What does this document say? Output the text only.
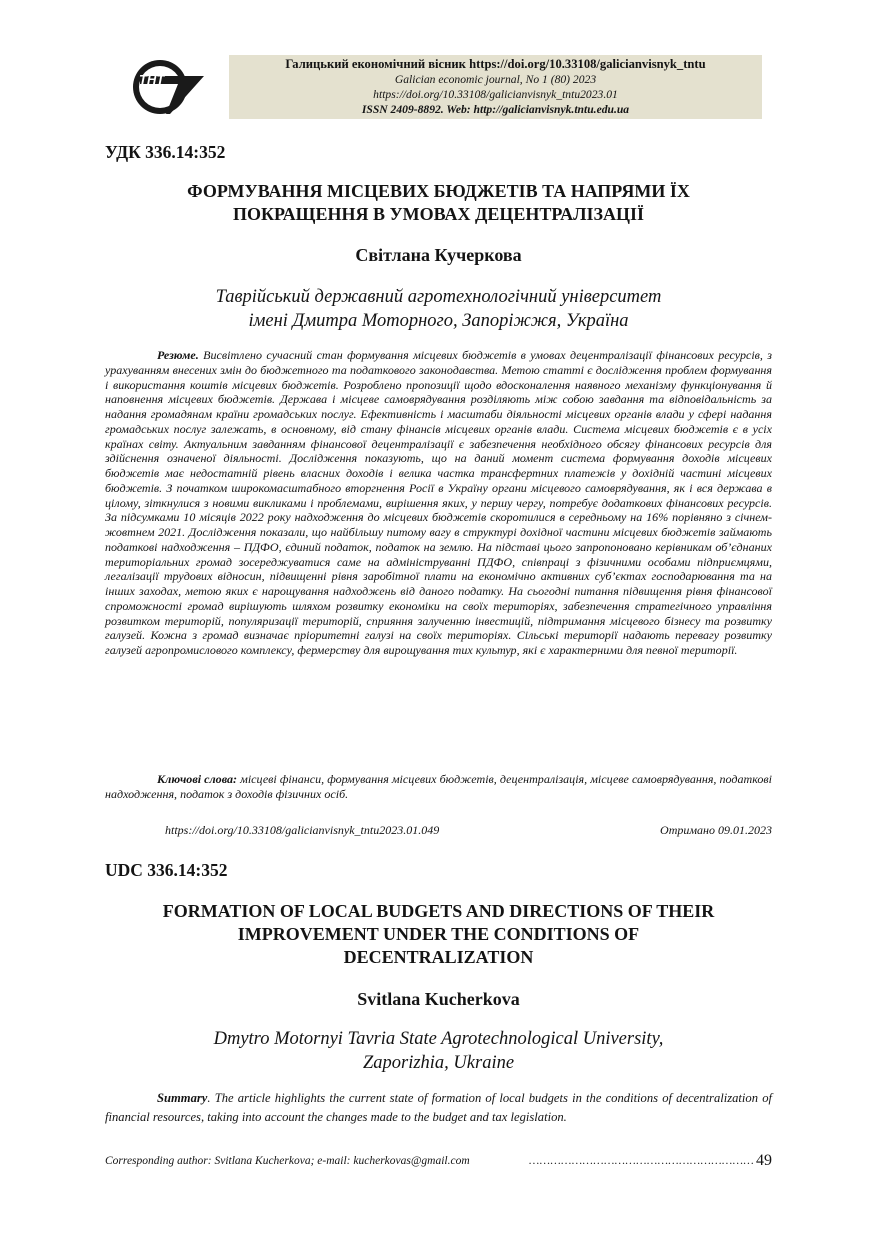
ТНТ
Галицький економічний вісник https://doi.org/10.33108/galicianvisnyk_tntu
Galician economic journal, No 1 (80) 2023
https://doi.org/10.33108/galicianvisnyk_tntu2023.01
ISSN 2409-8892. Web: http://galicianvisnyk.tntu.edu.ua
УДК 336.14:352
ФОРМУВАННЯ МІСЦЕВИХ БЮДЖЕТІВ ТА НАПРЯМИ ЇХ
ПОКРАЩЕННЯ В УМОВАХ ДЕЦЕНТРАЛІЗАЦІЇ
Світлана Кучеркова
Таврійський державний агротехнологічний університет
імені Дмитра Моторного, Запоріжжя, Україна
Резюме. Висвітлено сучасний стан формування місцевих бюджетів в умовах децентралізації фінансових ресурсів, з урахуванням внесених змін до бюджетного та податкового законодавства. Метою статті є дослідження проблем формування і використання коштів місцевих бюджетів. Розроблено пропозиції щодо вдосконалення наявного механізму функціонування й наповнення місцевих бюджетів. Держава і місцеве самоврядування розділяють між собою завдання та відповідальність за надання громадянам країни громадських послуг. Ефективність і масштаби діяльності місцевих органів влади у сфері надання громадських послуг залежать, в основному, від стану фінансів місцевих органів влади. Система місцевих бюджетів є в усіх країнах світу. Актуальним завданням фінансової децентралізації є забезпечення необхідного обсягу фінансових ресурсів для здійснення означеної діяльності. Дослідження показують, що на даний момент система формування доходів місцевих бюджетів має недостатній рівень власних доходів і велика частка трансфертних платежів у дохідній частині місцевих бюджетів. З початком широкомасштабного вторгнення Росії в Україну органи місцевого самоврядування, як і вся держава в цілому, зіткнулися з новими викликами і проблемами, вирішення яких, у першу чергу, потребує додаткових фінансових ресурсів. За підсумками 10 місяців 2022 року надходження до місцевих бюджетів скоротилися в середньому на 16% порівняно з січнем-жовтнем 2021. Дослідження показали, що найбільшу питому вагу в структурі дохідної частини місцевих бюджетів займають податкові надходження – ПДФО, єдиний податок, податок на землю. На підставі цього запропоновано керівникам об’єднаних територіальних громад зосереджуватися саме на адмініструванні ПДФО, співпраці з фізичними особами підприємцями, легалізації трудових відносин, підвищенні рівня заробітної плати на економічно активних суб’єктах господарювання та на інших заходах, метою яких є нарощування надходжень від даного податку. На сьогодні питання підвищення рівня фінансової спроможності громад вирішують шляхом розвитку економіки на своїх територіях, забезпечення стратегічного управління розвитком територій, популяризації територій, сприяння залученню інвестицій, підтримання місцевого бізнесу та розвитку галузей. Кожна з громад визначає пріоритетні галузі на своїх територіях. Сільські території надають перевагу розвитку галузей агропромислового комплексу, фермерству для вирощування тих культур, які є характерними для певної території.
Ключові слова: місцеві фінанси, формування місцевих бюджетів, децентралізація, місцеве самоврядування, податкові надходження, податок з доходів фізичних осіб.
https://doi.org/10.33108/galicianvisnyk_tntu2023.01.049	Отримано 09.01.2023
UDC 336.14:352
FORMATION OF LOCAL BUDGETS AND DIRECTIONS OF THEIR
IMPROVEMENT UNDER THE CONDITIONS OF
DECENTRALIZATION
Svitlana Kucherkova
Dmytro Motornyi Tavria State Agrotechnological University,
Zaporizhia, Ukraine
Summary. The article highlights the current state of formation of local budgets in the conditions of decentralization of financial resources, taking into account the changes made to the budget and tax legislation.
Corresponding author: Svitlana Kucherkova; e-mail: kucherkovas@gmail.com	……………………………………………………… 49
